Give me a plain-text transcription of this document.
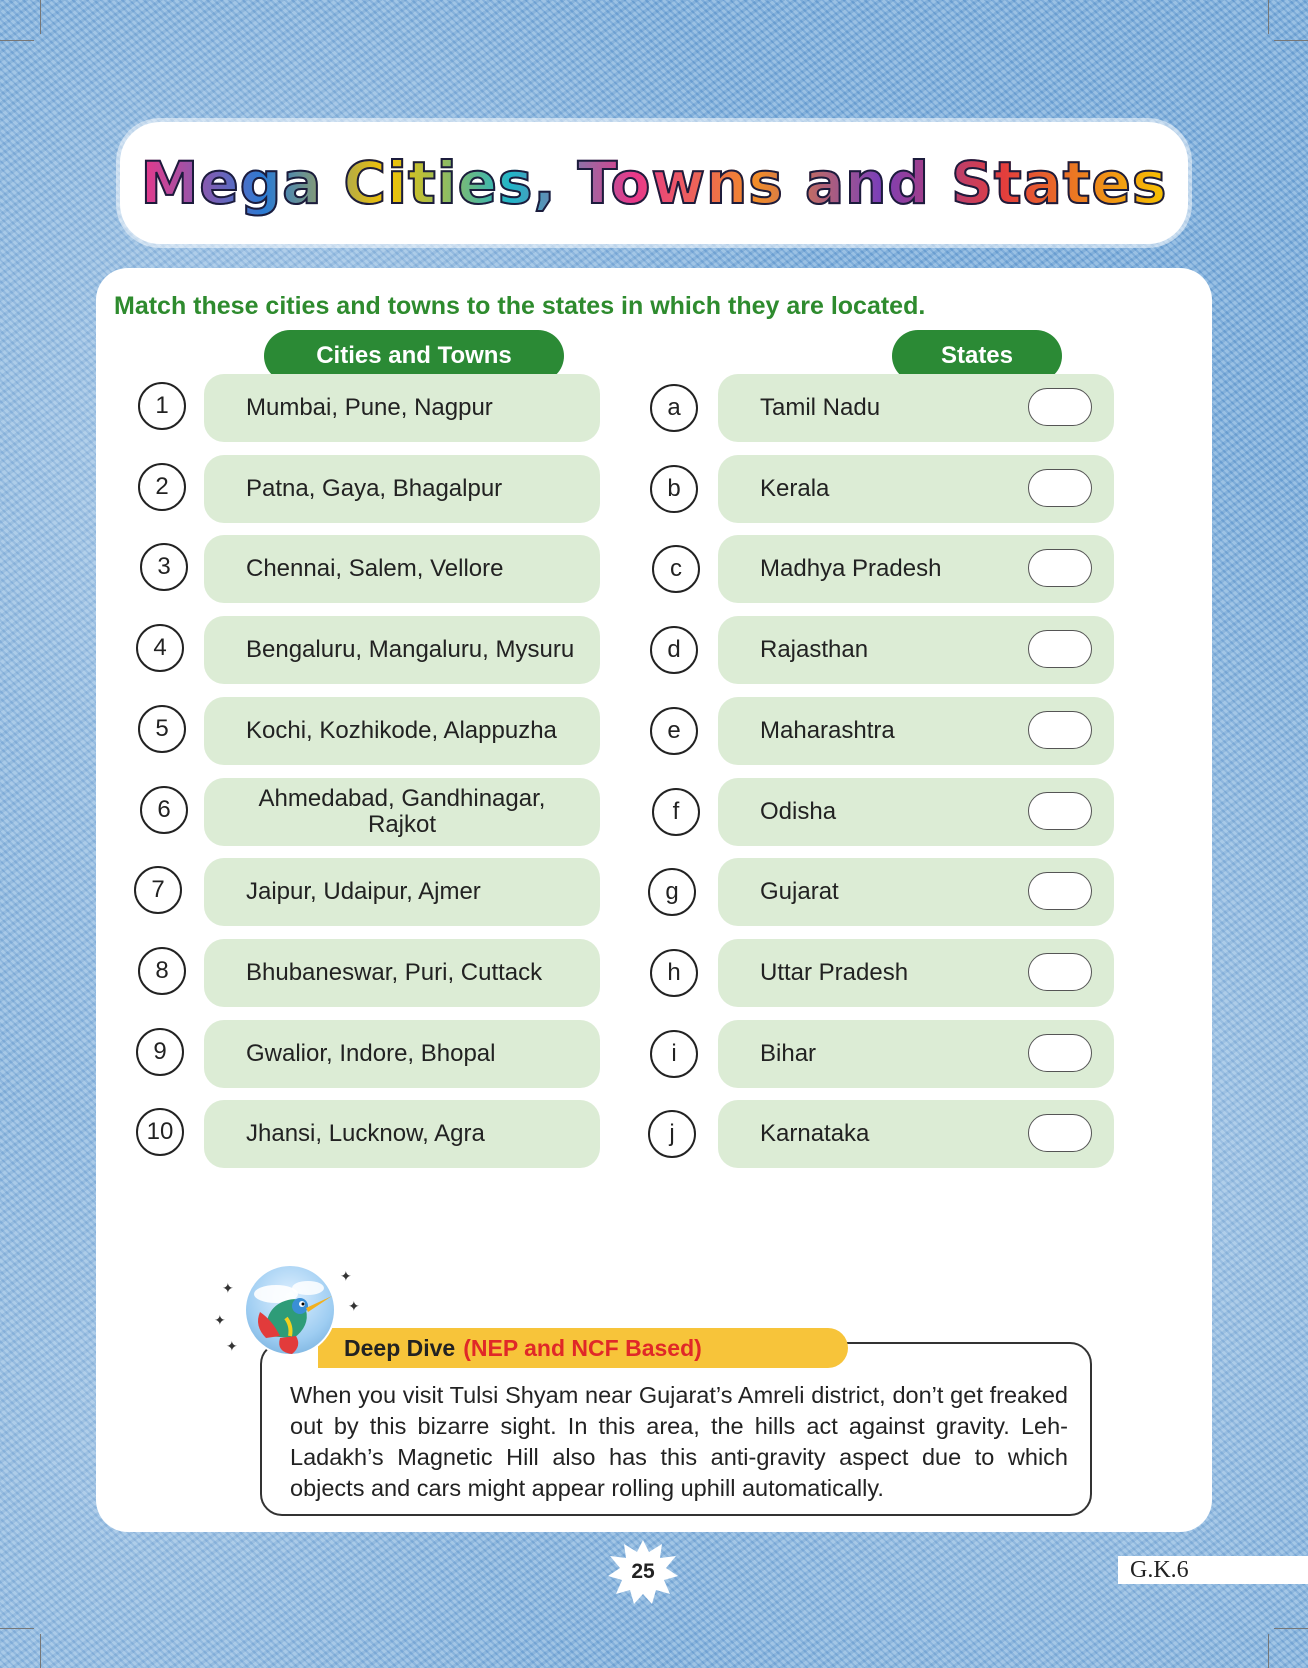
Mega Cities, Towns and States
Match these cities and towns to the states in which they are located.
Cities and Towns	States
1	Mumbai, Pune, Nagpur	a	Tamil Nadu
2	Patna, Gaya, Bhagalpur	b	Kerala
3	Chennai, Salem, Vellore	c	Madhya Pradesh
4	Bengaluru, Mangaluru, Mysuru	d	Rajasthan
5	Kochi, Kozhikode, Alappuzha	e	Maharashtra
6	Ahmedabad, Gandhinagar, Rajkot	f	Odisha
7	Jaipur, Udaipur, Ajmer	g	Gujarat
8	Bhubaneswar, Puri, Cuttack	h	Uttar Pradesh
9	Gwalior, Indore, Bhopal	i	Bihar
10	Jhansi, Lucknow, Agra	j	Karnataka
When you visit Tulsi Shyam near Gujarat’s Amreli district, don’t get freaked out by this bizarre sight. In this area, the hills act against gravity. Leh-Ladakh’s Magnetic Hill also has this anti-gravity aspect due to which objects and cars might appear rolling uphill automatically.
Deep Dive (NEP and NCF Based)
✦
✦
✦
✦
✦
25	G.K.6
